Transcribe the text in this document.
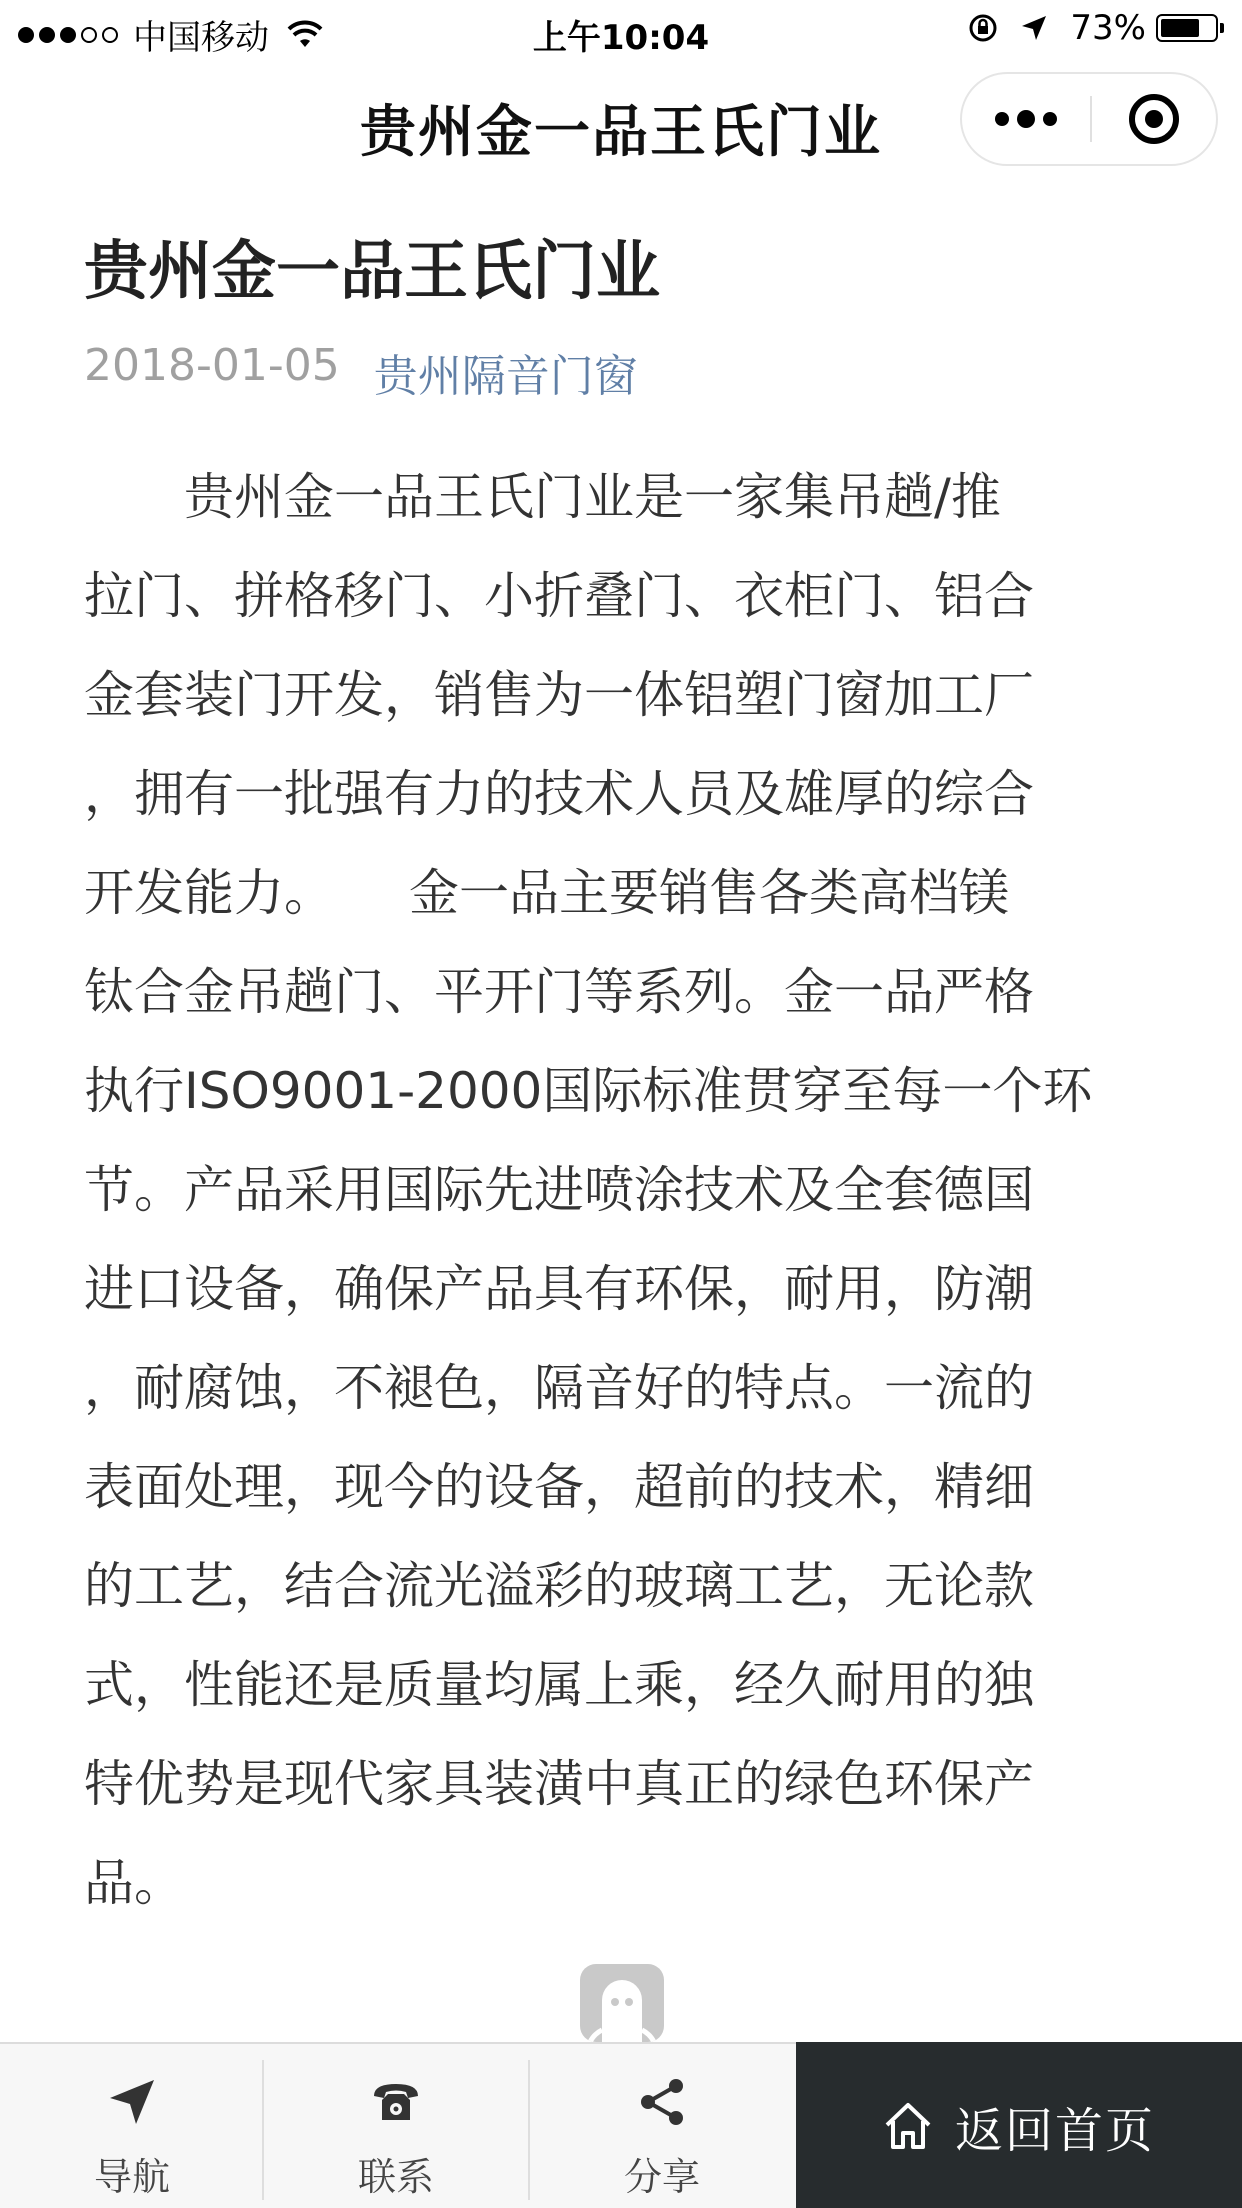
中国移动	上午10:04	73%
贵州金一品王氏门业
贵州金一品王氏门业
2018-01-05 贵州隔音门窗
　　贵州金一品王氏门业是一家集吊趟/推
拉门、拼格移门、小折叠门、衣柜门、铝合
金套装门开发，销售为一体铝塑门窗加工厂
，拥有一批强有力的技术人员及雄厚的综合
开发能力。　　金一品主要销售各类高档镁
钛合金吊趟门、平开门等系列。金一品严格
执行ISO9001-2000国际标准贯穿至每一个环
节。产品采用国际先进喷涂技术及全套德国
进口设备，确保产品具有环保，耐用，防潮
，耐腐蚀，不褪色，隔音好的特点。一流的
表面处理，现今的设备，超前的技术，精细
的工艺，结合流光溢彩的玻璃工艺，无论款
式，性能还是质量均属上乘，经久耐用的独
特优势是现代家具装潢中真正的绿色环保产
品。
导航	联系	分享
返回首页
